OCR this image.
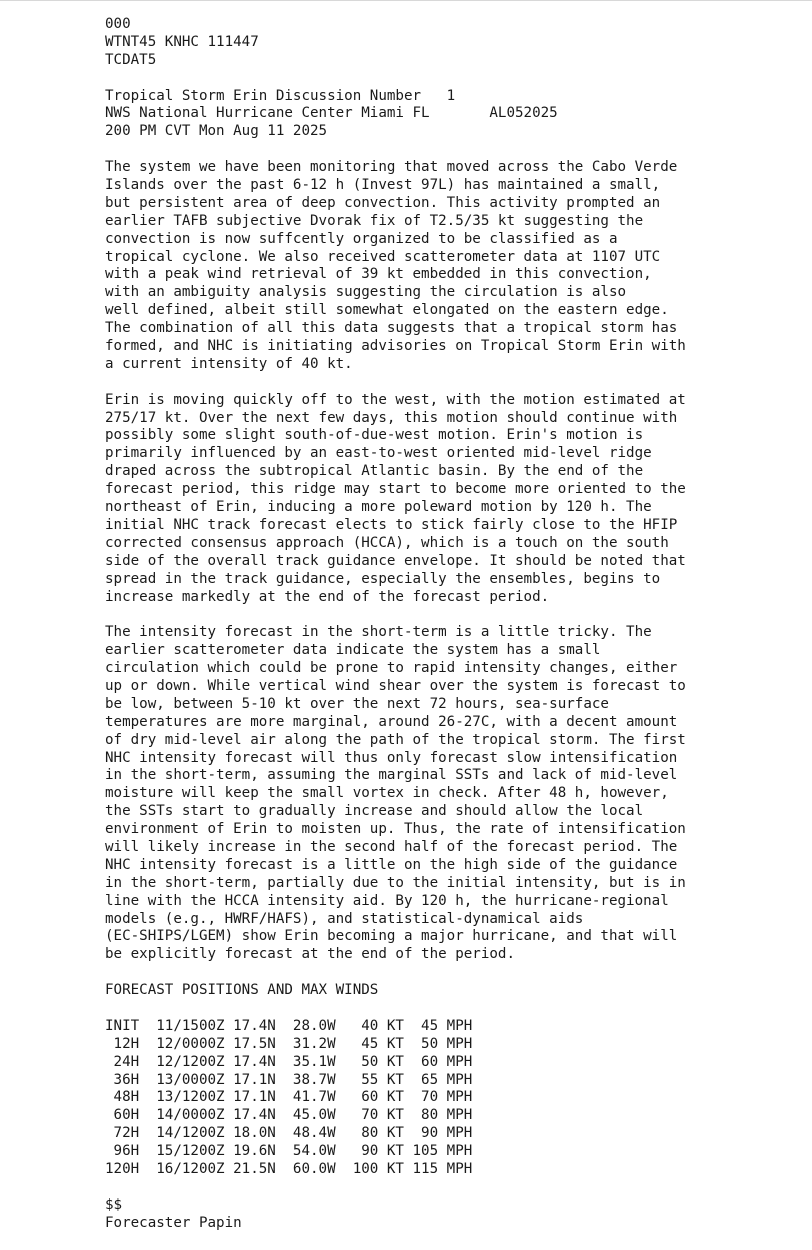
000
WTNT45 KNHC 111447
TCDAT5
Tropical Storm Erin Discussion Number   1
NWS National Hurricane Center Miami FL       AL052025
200 PM CVT Mon Aug 11 2025
The system we have been monitoring that moved across the Cabo Verde
Islands over the past 6-12 h (Invest 97L) has maintained a small,
but persistent area of deep convection. This activity prompted an
earlier TAFB subjective Dvorak fix of T2.5/35 kt suggesting the
convection is now suffcently organized to be classified as a
tropical cyclone. We also received scatterometer data at 1107 UTC
with a peak wind retrieval of 39 kt embedded in this convection,
with an ambiguity analysis suggesting the circulation is also
well defined, albeit still somewhat elongated on the eastern edge.
The combination of all this data suggests that a tropical storm has
formed, and NHC is initiating advisories on Tropical Storm Erin with
a current intensity of 40 kt.
Erin is moving quickly off to the west, with the motion estimated at
275/17 kt. Over the next few days, this motion should continue with
possibly some slight south-of-due-west motion. Erin's motion is
primarily influenced by an east-to-west oriented mid-level ridge
draped across the subtropical Atlantic basin. By the end of the
forecast period, this ridge may start to become more oriented to the
northeast of Erin, inducing a more poleward motion by 120 h. The
initial NHC track forecast elects to stick fairly close to the HFIP
corrected consensus approach (HCCA), which is a touch on the south
side of the overall track guidance envelope. It should be noted that
spread in the track guidance, especially the ensembles, begins to
increase markedly at the end of the forecast period.
The intensity forecast in the short-term is a little tricky. The
earlier scatterometer data indicate the system has a small
circulation which could be prone to rapid intensity changes, either
up or down. While vertical wind shear over the system is forecast to
be low, between 5-10 kt over the next 72 hours, sea-surface
temperatures are more marginal, around 26-27C, with a decent amount
of dry mid-level air along the path of the tropical storm. The first
NHC intensity forecast will thus only forecast slow intensification
in the short-term, assuming the marginal SSTs and lack of mid-level
moisture will keep the small vortex in check. After 48 h, however,
the SSTs start to gradually increase and should allow the local
environment of Erin to moisten up. Thus, the rate of intensification
will likely increase in the second half of the forecast period. The
NHC intensity forecast is a little on the high side of the guidance
in the short-term, partially due to the initial intensity, but is in
line with the HCCA intensity aid. By 120 h, the hurricane-regional
models (e.g., HWRF/HAFS), and statistical-dynamical aids
(EC-SHIPS/LGEM) show Erin becoming a major hurricane, and that will
be explicitly forecast at the end of the period.
FORECAST POSITIONS AND MAX WINDS
INIT  11/1500Z 17.4N  28.0W   40 KT  45 MPH
12H  12/0000Z 17.5N  31.2W   45 KT  50 MPH
24H  12/1200Z 17.4N  35.1W   50 KT  60 MPH
36H  13/0000Z 17.1N  38.7W   55 KT  65 MPH
48H  13/1200Z 17.1N  41.7W   60 KT  70 MPH
60H  14/0000Z 17.4N  45.0W   70 KT  80 MPH
72H  14/1200Z 18.0N  48.4W   80 KT  90 MPH
96H  15/1200Z 19.6N  54.0W   90 KT 105 MPH
120H  16/1200Z 21.5N  60.0W  100 KT 115 MPH
$$
Forecaster Papin
